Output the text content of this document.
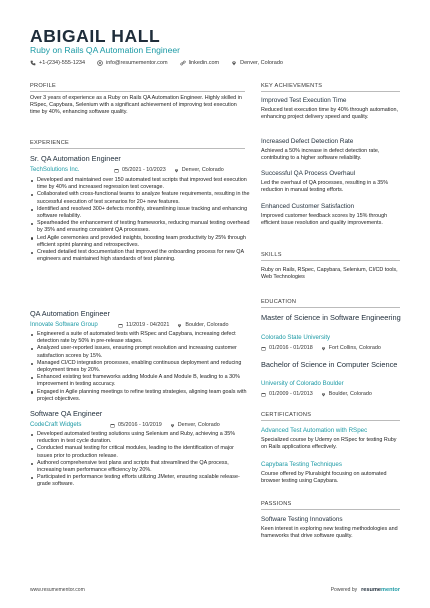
ABIGAIL HALL
Ruby on Rails QA Automation Engineer
+1-(234)-555-1234	info@resumementor.com	linkedin.com	Denver, Colorado
PROFILE
Over 3 years of experience as a Ruby on Rails QA Automation Engineer. Highly skilled in RSpec, Capybara, Selenium with a significant achievement of improving test execution time by 40%, enhancing software quality.
EXPERIENCE
Sr. QA Automation Engineer
TechSolutions Inc.	05/2021 - 10/2023	Denver, Colorado
Developed and maintained over 150 automated test scripts that improved test execution time by 40% and increased regression test coverage.
Collaborated with cross-functional teams to analyze feature requirements, resulting in the successful execution of test scenarios for 20+ new features.
Identified and resolved 300+ defects monthly, streamlining issue tracking and enhancing software reliability.
Spearheaded the enhancement of testing frameworks, reducing manual testing overhead by 35% and ensuring consistent QA processes.
Led Agile ceremonies and provided insights, boosting team productivity by 25% through efficient sprint planning and retrospectives.
Created detailed test documentation that improved the onboarding process for new QA engineers and maintained high standards of test planning.
QA Automation Engineer
Innovate Software Group	11/2019 - 04/2021	Boulder, Colorado
Engineered a suite of automated tests with RSpec and Capybara, increasing defect detection rate by 50% in pre-release stages.
Analyzed user-reported issues, ensuring prompt resolution and increasing customer satisfaction scores by 15%.
Managed CI/CD integration processes, enabling continuous deployment and reducing deployment times by 20%.
Enhanced existing test frameworks adding Module A and Module B, leading to a 30% improvement in testing accuracy.
Engaged in Agile planning meetings to refine testing strategies, aligning team goals with project objectives.
Software QA Engineer
CodeCraft Widgets	05/2016 - 10/2019	Denver, Colorado
Developed automated testing solutions using Selenium and Ruby, achieving a 35% reduction in test cycle duration.
Conducted manual testing for critical modules, leading to the identification of major issues prior to production release.
Authored comprehensive test plans and scripts that streamlined the QA process, increasing team performance efficiency by 20%.
Participated in performance testing efforts utilizing JMeter, ensuring scalable release-grade software.
KEY ACHIEVEMENTS
Improved Test Execution Time
Reduced test execution time by 40% through automation, enhancing project delivery speed and quality.
Increased Defect Detection Rate
Achieved a 50% increase in defect detection rate, contributing to a higher software reliability.
Successful QA Process Overhaul
Led the overhaul of QA processes, resulting in a 35% reduction in manual testing efforts.
Enhanced Customer Satisfaction
Improved customer feedback scores by 15% through efficient issue resolution and quality improvements.
SKILLS
Ruby on Rails, RSpec, Capybara, Selenium, CI/CD tools, Web Technologies
EDUCATION
Master of Science in Software Engineering
Colorado State University
01/2016 - 01/2018	Fort Collins, Colorado
Bachelor of Science in Computer Science
University of Colorado Boulder
01/2009 - 01/2013	Boulder, Colorado
CERTIFICATIONS
Advanced Test Automation with RSpec
Specialized course by Udemy on RSpec for testing Ruby on Rails applications effectively.
Capybara Testing Techniques
Course offered by Pluralsight focusing on automated browser testing using Capybara.
PASSIONS
Software Testing Innovations
Keen interest in exploring new testing methodologies and frameworks that drive software quality.
www.resumementor.com	Powered by resumementor
